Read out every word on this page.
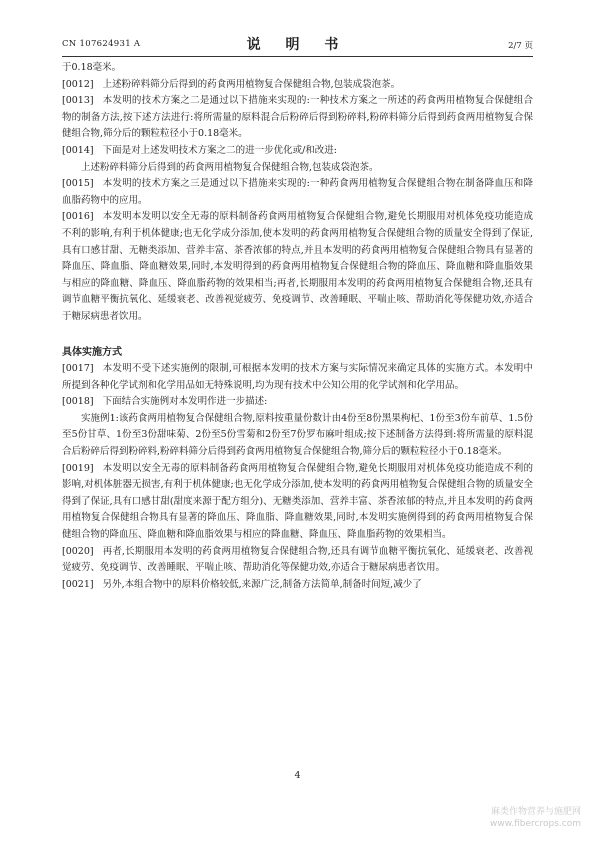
CN 107624931 A	说 明 书	2/7 页

于0.18毫米。

[0012] 上述粉碎料筛分后得到的药食两用植物复合保健组合物,包装成袋泡茶。

[0013] 本发明的技术方案之二是通过以下措施来实现的:一种技术方案之一所述的药食两用植物复合保健组合物的制备方法,按下述方法进行:将所需量的原料混合后粉碎后得到粉碎料,粉碎料筛分后得到药食两用植物复合保健组合物,筛分后的颗粒粒径小于0.18毫米。

[0014] 下面是对上述发明技术方案之二的进一步优化或/和改进:

上述粉碎料筛分后得到的药食两用植物复合保健组合物,包装成袋泡茶。

[0015] 本发明的技术方案之三是通过以下措施来实现的:一种药食两用植物复合保健组合物在制备降血压和降血脂药物中的应用。

[0016] 本发明本发明以安全无毒的原料制备药食两用植物复合保健组合物,避免长期服用对机体免疫功能造成不利的影响,有利于机体健康;也无化学成分添加,使本发明的药食两用植物复合保健组合物的质量安全得到了保证,具有口感甘甜、无糖类添加、营养丰富、茶香浓郁的特点,并且本发明的药食两用植物复合保健组合物具有显著的降血压、降血脂、降血糖效果,同时,本发明得到的药食两用植物复合保健组合物的降血压、降血糖和降血脂效果与相应的降血糖、降血压、降血脂药物的效果相当;再者,长期服用本发明的药食两用植物复合保健组合物,还具有调节血糖平衡抗氧化、延缓衰老、改善视觉疲劳、免疫调节、改善睡眠、平喘止咳、帮助消化等保健功效,亦适合于糖尿病患者饮用。

具体实施方式

[0017] 本发明不受下述实施例的限制,可根据本发明的技术方案与实际情况来确定具体的实施方式。本发明中所提到各种化学试剂和化学用品如无特殊说明,均为现有技术中公知公用的化学试剂和化学用品。

[0018] 下面结合实施例对本发明作进一步描述:

实施例1:该药食两用植物复合保健组合物,原料按重量份数计由4份至8份黑果枸杞、1份至3份车前草、1.5份至5份甘草、1份至3份甜味菊、2份至5份雪菊和2份至7份罗布麻叶组成;按下述制备方法得到:将所需量的原料混合后粉碎后得到粉碎料,粉碎料筛分后得到药食两用植物复合保健组合物,筛分后的颗粒粒径小于0.18毫米。

[0019] 本发明以安全无毒的原料制备药食两用植物复合保健组合物,避免长期服用对机体免疫功能造成不利的影响,对机体脏器无损害,有利于机体健康;也无化学成分添加,使本发明的药食两用植物复合保健组合物的质量安全得到了保证,具有口感甘甜(甜度来源于配方组分)、无糖类添加、营养丰富、茶香浓郁的特点,并且本发明的药食两用植物复合保健组合物具有显著的降血压、降血脂、降血糖效果,同时,本发明实施例得到的药食两用植物复合保健组合物的降血压、降血糖和降血脂效果与相应的降血糖、降血压、降血脂药物的效果相当。

[0020] 再者,长期服用本发明的药食两用植物复合保健组合物,还具有调节血糖平衡抗氧化、延缓衰老、改善视觉疲劳、免疫调节、改善睡眠、平喘止咳、帮助消化等保健功效,亦适合于糖尿病患者饮用。

[0021] 另外,本组合物中的原料价格较低,来源广泛,制备方法简单,制备时间短,减少了

4
麻类作物营养与施肥网
www.fibercrops.com
